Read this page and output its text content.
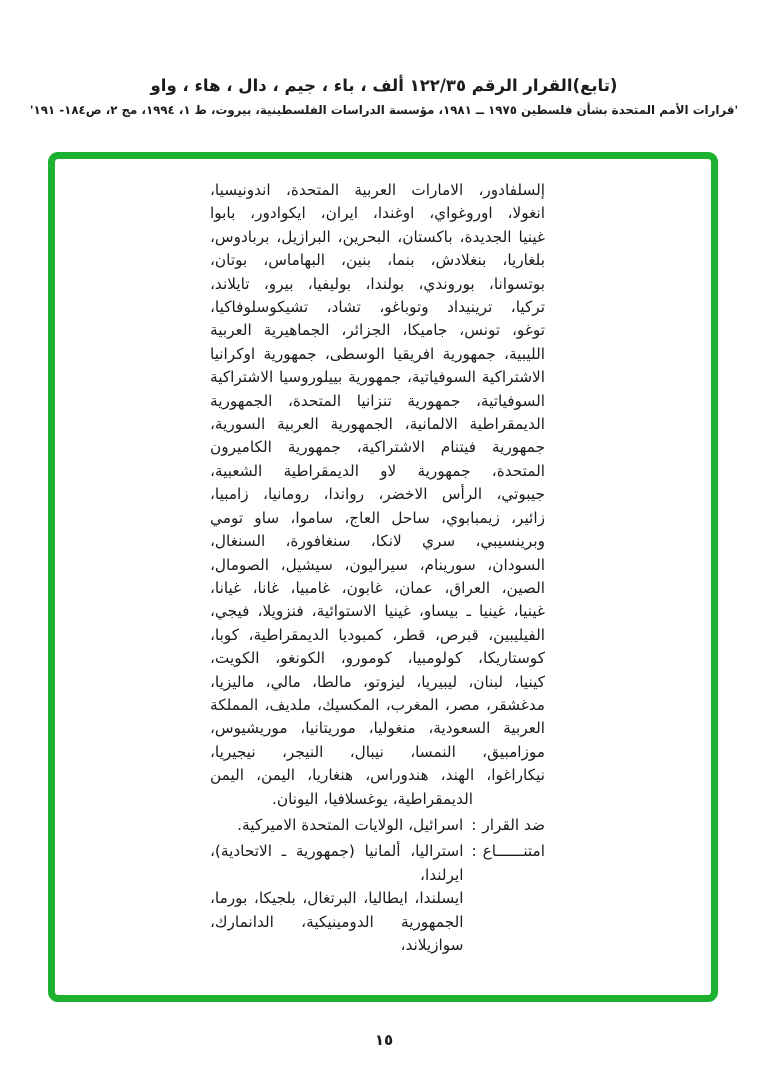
(تابع)القرار الرقم ١٢٢/٣٥ ألف ، باء ، جيم ، دال ، هاء ، واو
'قرارات الأمم المتحدة بشأن فلسطين ١٩٧٥ ــ ١٩٨١، مؤسسة الدراسات الفلسطينية، بيروت، ط ١، ١٩٩٤، مج ٢، ص١٨٤- ١٩١'
إلسلفادور، الامارات العربية المتحدة، اندونيسيا،
انغولا، اوروغواي، اوغندا، ايران، ايكوادور، بابوا
غينيا الجديدة، باكستان، البحرين، البرازيل، بربادوس،
بلغاريا، بنغلادش، بنما، بنين، البهاماس، بوتان،
بوتسوانا، بوروندي، بولندا، بوليفيا، بيرو، تايلاند،
تركيا، ترينيداد وتوباغو، تشاد، تشيكوسلوفاكيا،
توغو، تونس، جاميكا، الجزائر، الجماهيرية العربية
الليبية، جمهورية افريقيا الوسطى، جمهورية اوكرانيا
الاشتراكية السوفياتية، جمهورية بييلوروسيا الاشتراكية
السوفياتية، جمهورية تنزانيا المتحدة، الجمهورية
الديمقراطية الالمانية، الجمهورية العربية السورية،
جمهورية فيتنام الاشتراكية، جمهورية الكاميرون
المتحدة، جمهورية لاو الديمقراطية الشعبية،
جيبوتي، الرأس الاخضر، رواندا، رومانيا، زامبيا،
زائير، زيمبابوي، ساحل العاج، ساموا، ساو تومي
وبرينسيبي، سري لانكا، سنغافورة، السنغال،
السودان، سورينام، سيراليون، سيشيل، الصومال،
الصين، العراق، عمان، غابون، غامبيا، غانا، غيانا،
غينيا، غينيا ـ بيساو، غينيا الاستوائية، فنزويلا، فيجي،
الفيليبين، قبرص، قطر، كمبوديا الديمقراطية، كوبا،
كوستاريكا، كولومبيا، كومورو، الكونغو، الكويت،
كينيا، لبنان، ليبيريا، ليزوتو، مالطا، مالي، ماليزيا،
مدغشقر، مصر، المغرب، المكسيك، ملديف، المملكة
العربية السعودية، منغوليا، موريتانيا، موريشيوس،
موزامبيق، النمسا، نيبال، النيجر، نيجيريا،
نيكاراغوا، الهند، هندوراس، هنغاريا، اليمن، اليمن
الديمقراطية، يوغسلافيا، اليونان.
ضد القرار
:
اسرائيل، الولايات المتحدة الاميركية.
امتنــــــاع
:
استراليا، ألمانيا (جمهورية ـ الاتحادية)، ايرلندا،
ايسلندا، ايطاليا، البرتغال، بلجيكا، بورما،
الجمهورية الدومينيكية، الدانمارك، سوازيلاند،
١٥
